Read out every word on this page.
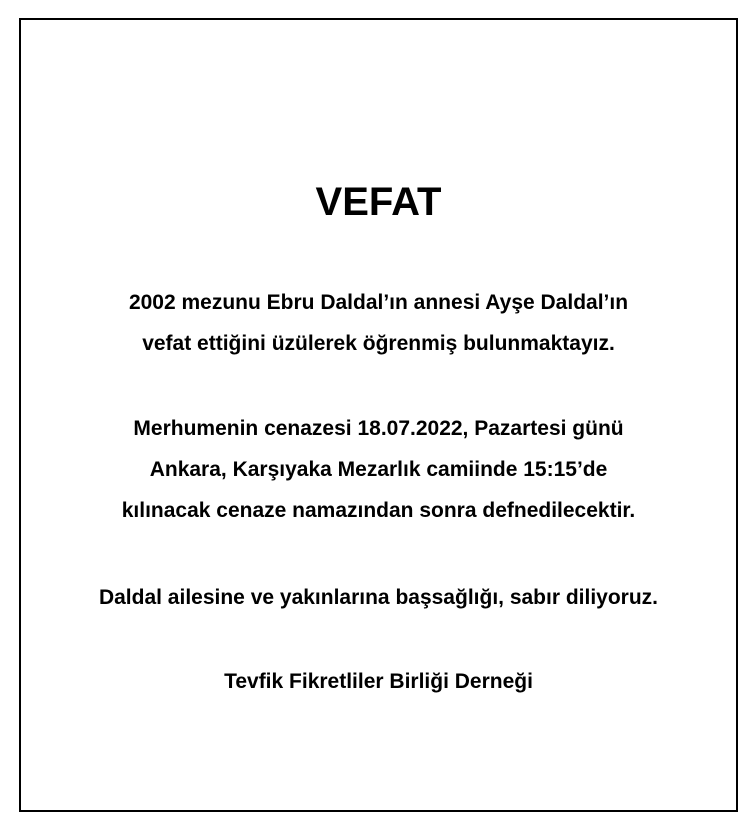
VEFAT
2002 mezunu Ebru Daldal’ın annesi Ayşe Daldal’ın
vefat ettiğini üzülerek öğrenmiş bulunmaktayız.
Merhumenin cenazesi 18.07.2022, Pazartesi günü
Ankara, Karşıyaka Mezarlık camiinde 15:15’de
kılınacak cenaze namazından sonra defnedilecektir.
Daldal ailesine ve yakınlarına başsağlığı, sabır diliyoruz.
Tevfik Fikretliler Birliği Derneği
